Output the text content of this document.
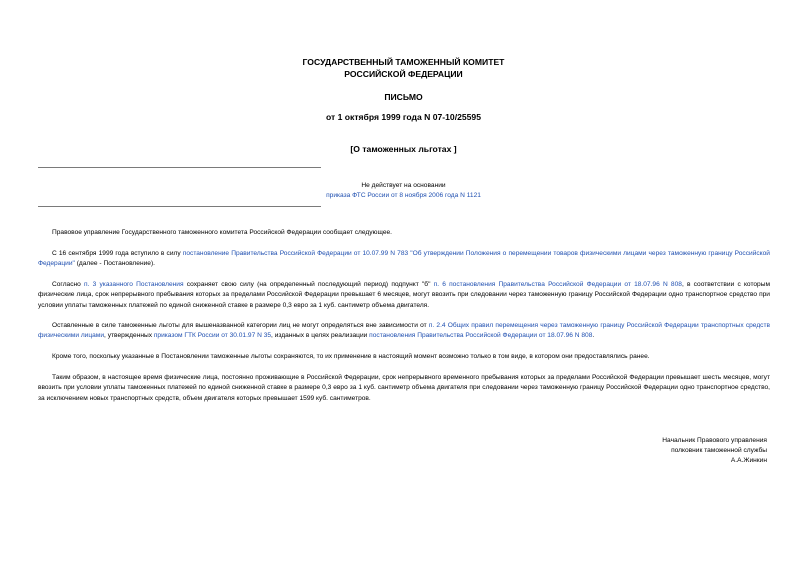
ГОСУДАРСТВЕННЫЙ ТАМОЖЕННЫЙ КОМИТЕТ
РОССИЙСКОЙ ФЕДЕРАЦИИ
ПИСЬМО
от 1 октября 1999 года N 07-10/25595
[О таможенных льготах ]
Не действует на основании
приказа ФТС России от 8 ноября 2006 года N 1121
Правовое управление Государственного таможенного комитета Российской Федерации сообщает следующее.
С 16 сентября 1999 года вступило в силу постановление Правительства Российской Федерации от 10.07.99 N 783 "Об утверждении Положения о перемещении товаров физическими лицами через таможенную границу Российской Федерации" (далее - Постановление).
Согласно п. 3 указанного Постановления сохраняет свою силу (на определенный последующий период) подпункт "б" п. 6 постановления Правительства Российской Федерации от 18.07.96 N 808, в соответствии с которым физические лица, срок непрерывного пребывания которых за пределами Российской Федерации превышает 6 месяцев, могут ввозить при следовании через таможенную границу Российской Федерации одно транспортное средство при условии уплаты таможенных платежей по единой сниженной ставке в размере 0,3 евро за 1 куб. сантиметр объема двигателя.
Оставленные в силе таможенные льготы для вышеназванной категории лиц не могут определяться вне зависимости от п. 2.4 Общих правил перемещения через таможенную границу Российской Федерации транспортных средств физическими лицами, утвержденных приказом ГТК России от 30.01.97 N 35, изданных в целях реализации постановления Правительства Российской Федерации от 18.07.96 N 808.
Кроме того, поскольку указанные в Постановлении таможенные льготы сохраняются, то их применение в настоящий момент возможно только в том виде, в котором они предоставлялись ранее.
Таким образом, в настоящее время физические лица, постоянно проживающие в Российской Федерации, срок непрерывного временного пребывания которых за пределами Российской Федерации превышает шесть месяцев, могут ввозить при условии уплаты таможенных платежей по единой сниженной ставке в размере 0,3 евро за 1 куб. сантиметр объема двигателя при следовании через таможенную границу Российской Федерации одно транспортное средство, за исключением новых транспортных средств, объем двигателя которых превышает 1599 куб. сантиметров.
Начальник Правового управления
полковник таможенной службы
А.А.Жинкин
